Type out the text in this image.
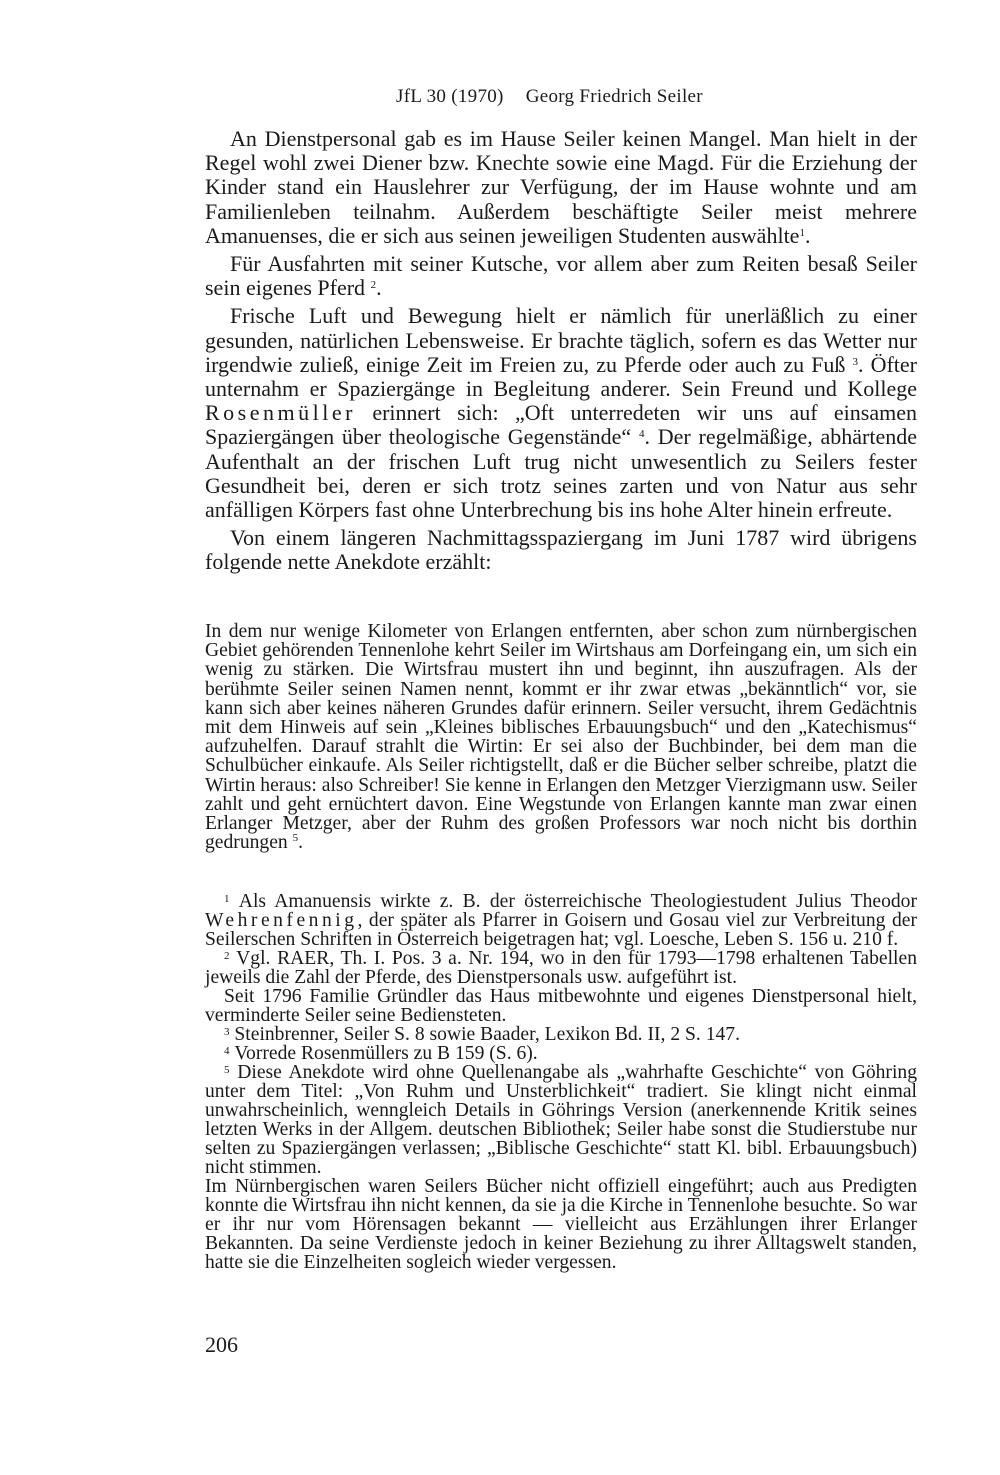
JfL 30 (1970) Georg Friedrich Seiler

An Dienstpersonal gab es im Hause Seiler keinen Mangel. Man hielt in der Regel wohl zwei Diener bzw. Knechte sowie eine Magd. Für die Erziehung der Kinder stand ein Hauslehrer zur Verfügung, der im Hause wohnte und am Familienleben teilnahm. Außerdem beschäftigte Seiler meist mehrere Amanuenses, die er sich aus seinen jeweiligen Studenten auswählte$^1$.

Für Ausfahrten mit seiner Kutsche, vor allem aber zum Reiten besaß Seiler sein eigenes Pferd $^2$.

Frische Luft und Bewegung hielt er nämlich für unerläßlich zu einer gesunden, natürlichen Lebensweise. Er brachte täglich, sofern es das Wetter nur irgendwie zuließ, einige Zeit im Freien zu, zu Pferde oder auch zu Fuß $^3$. Öfter unternahm er Spaziergänge in Begleitung anderer. Sein Freund und Kollege Rosenmüller erinnert sich: „Oft unterredeten wir uns auf einsamen Spaziergängen über theologische Gegenstände“ $^4$. Der regelmäßige, abhärtende Aufenthalt an der frischen Luft trug nicht unwesentlich zu Seilers fester Gesundheit bei, deren er sich trotz seines zarten und von Natur aus sehr anfälligen Körpers fast ohne Unterbrechung bis ins hohe Alter hinein erfreute.

Von einem längeren Nachmittagsspaziergang im Juni 1787 wird übrigens folgende nette Anekdote erzählt:

In dem nur wenige Kilometer von Erlangen entfernten, aber schon zum nürnbergischen Gebiet gehörenden Tennenlohe kehrt Seiler im Wirtshaus am Dorfeingang ein, um sich ein wenig zu stärken. Die Wirtsfrau mustert ihn und beginnt, ihn auszufragen. Als der berühmte Seiler seinen Namen nennt, kommt er ihr zwar etwas „bekänntlich“ vor, sie kann sich aber keines näheren Grundes dafür erinnern. Seiler versucht, ihrem Gedächtnis mit dem Hinweis auf sein „Kleines biblisches Erbauungsbuch“ und den „Katechismus“ aufzuhelfen. Darauf strahlt die Wirtin: Er sei also der Buchbinder, bei dem man die Schulbücher einkaufe. Als Seiler richtigstellt, daß er die Bücher selber schreibe, platzt die Wirtin heraus: also Schreiber! Sie kenne in Erlangen den Metzger Vierzigmann usw. Seiler zahlt und geht ernüchtert davon. Eine Wegstunde von Erlangen kannte man zwar einen Erlanger Metzger, aber der Ruhm des großen Professors war noch nicht bis dorthin gedrungen $^5$.

$^1$ Als Amanuensis wirkte z. B. der österreichische Theologiestudent Julius Theodor Wehrenfennig, der später als Pfarrer in Goisern und Gosau viel zur Verbreitung der Seilerschen Schriften in Österreich beigetragen hat; vgl. Loesche, Leben S. 156 u. 210 f.

$^2$ Vgl. RAER, Th. I. Pos. 3 a. Nr. 194, wo in den für 1793—1798 erhaltenen Tabellen jeweils die Zahl der Pferde, des Dienstpersonals usw. aufgeführt ist.

Seit 1796 Familie Gründler das Haus mitbewohnte und eigenes Dienstpersonal hielt, verminderte Seiler seine Bediensteten.

$^3$ Steinbrenner, Seiler S. 8 sowie Baader, Lexikon Bd. II, 2 S. 147.

$^4$ Vorrede Rosenmüllers zu B 159 (S. 6).

$^5$ Diese Anekdote wird ohne Quellenangabe als „wahrhafte Geschichte“ von Göhring unter dem Titel: „Von Ruhm und Unsterblichkeit“ tradiert. Sie klingt nicht einmal unwahrscheinlich, wenngleich Details in Göhrings Version (anerkennende Kritik seines letzten Werks in der Allgem. deutschen Bibliothek; Seiler habe sonst die Studierstube nur selten zu Spaziergängen verlassen; „Biblische Geschichte“ statt Kl. bibl. Erbauungsbuch) nicht stimmen.

Im Nürnbergischen waren Seilers Bücher nicht offiziell eingeführt; auch aus Predigten konnte die Wirtsfrau ihn nicht kennen, da sie ja die Kirche in Tennenlohe besuchte. So war er ihr nur vom Hörensagen bekannt — vielleicht aus Erzählungen ihrer Erlanger Bekannten. Da seine Verdienste jedoch in keiner Beziehung zu ihrer Alltagswelt standen, hatte sie die Einzelheiten sogleich wieder vergessen.

206
